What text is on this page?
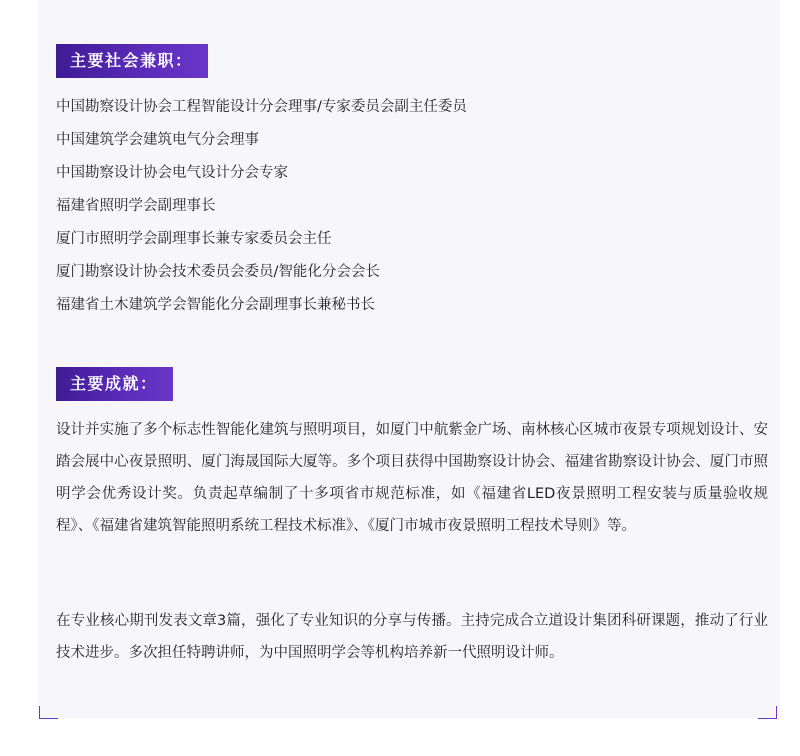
主要社会兼职：
中国勘察设计协会工程智能设计分会理事/专家委员会副主任委员
中国建筑学会建筑电气分会理事
中国勘察设计协会电气设计分会专家
福建省照明学会副理事长
厦门市照明学会副理事长兼专家委员会主任
厦门勘察设计协会技术委员会委员/智能化分会会长
福建省土木建筑学会智能化分会副理事长兼秘书长
主要成就：

设计并实施了多个标志性智能化建筑与照明项目，如厦门中航紫金广场、南林核心区城市夜景专项规划设计、安踏会展中心夜景照明、厦门海晟国际大厦等。多个项目获得中国勘察设计协会、福建省勘察设计协会、厦门市照明学会优秀设计奖。负责起草编制了十多项省市规范标准，如《福建省LED夜景照明工程安装与质量验收规程》、《福建省建筑智能照明系统工程技术标准》、《厦门市城市夜景照明工程技术导则》等。

在专业核心期刊发表文章3篇，强化了专业知识的分享与传播。主持完成合立道设计集团科研课题，推动了行业技术进步。多次担任特聘讲师，为中国照明学会等机构培养新一代照明设计师。
